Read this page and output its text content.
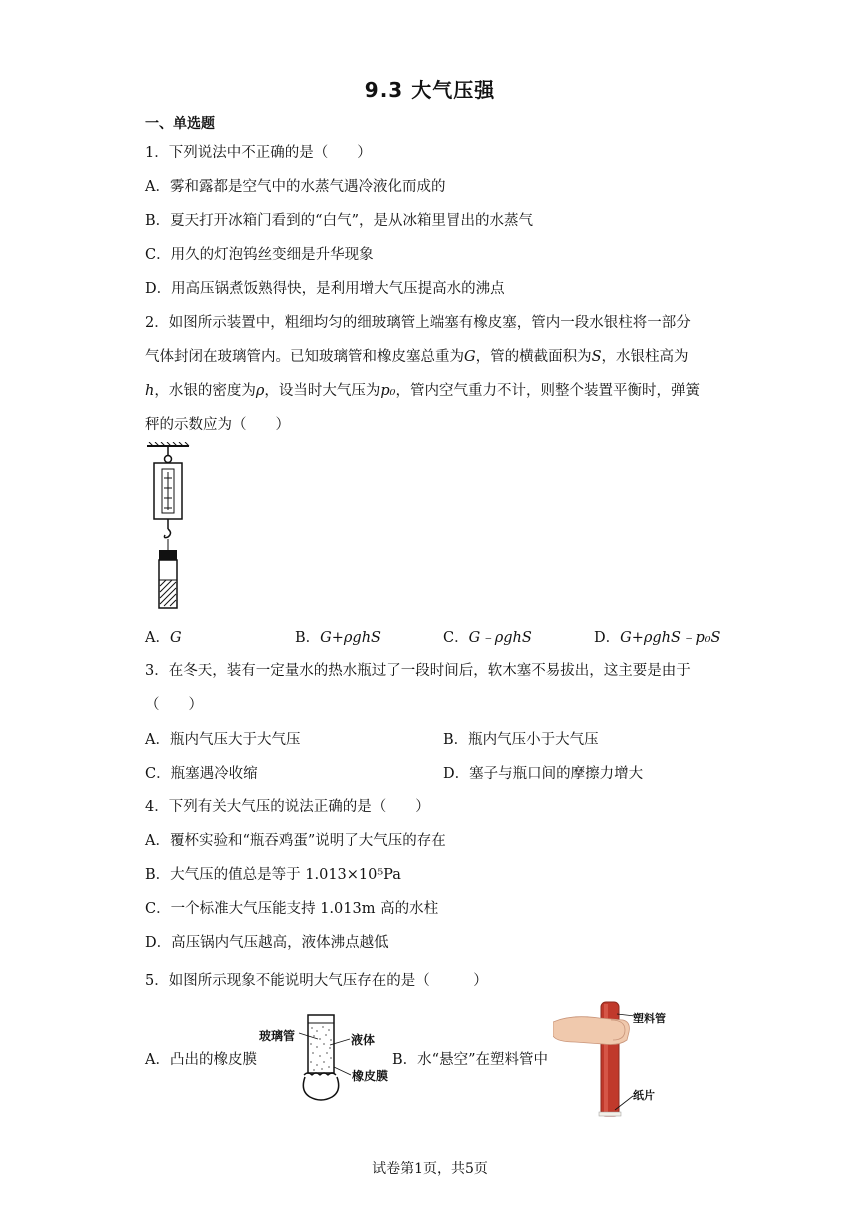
9.3 大气压强
一、单选题
1．下列说法中不正确的是（　　）
A．雾和露都是空气中的水蒸气遇冷液化而成的
B．夏天打开冰箱门看到的“白气”，是从冰箱里冒出的水蒸气
C．用久的灯泡钨丝变细是升华现象
D．用高压锅煮饭熟得快，是利用增大气压提高水的沸点
2．如图所示装置中，粗细均匀的细玻璃管上端塞有橡皮塞，管内一段水银柱将一部分
气体封闭在玻璃管内。已知玻璃管和橡皮塞总重为G，管的横截面积为S，水银柱高为
h，水银的密度为ρ，设当时大气压为p₀，管内空气重力不计，则整个装置平衡时，弹簧
秤的示数应为（　　）
A．G	B．G+ρghS	C．G﹣ρghS	D．G+ρghS﹣p₀S
3．在冬天，装有一定量水的热水瓶过了一段时间后，软木塞不易拔出，这主要是由于
（　　）
A．瓶内气压大于大气压	B．瓶内气压小于大气压
C．瓶塞遇冷收缩	D．塞子与瓶口间的摩擦力增大
4．下列有关大气压的说法正确的是（　　）
A．覆杯实验和“瓶吞鸡蛋”说明了大气压的存在
B．大气压的值总是等于 1.013×10⁵Pa
C．一个标准大气压能支持 1.013m 高的水柱
D．高压锅内气压越高，液体沸点越低
5．如图所示现象不能说明大气压存在的是（　　　）
A．凸出的橡皮膜
玻璃管	液体
橡皮膜
B．水“悬空”在塑料管中
塑料管
纸片
试卷第1页，共5页
